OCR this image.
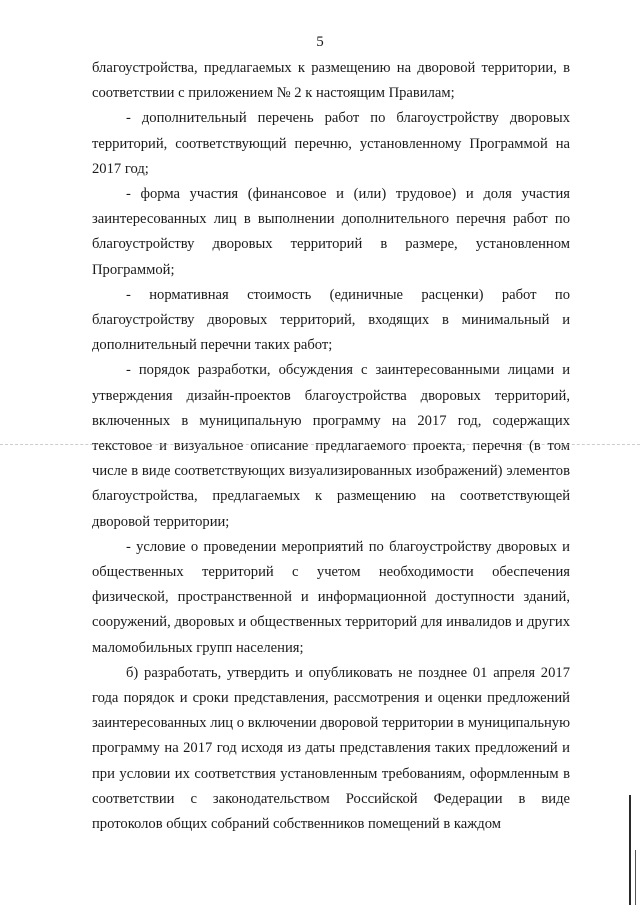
5

благоустройства, предлагаемых к размещению на дворовой территории, в соответствии с приложением № 2 к настоящим Правилам;

- дополнительный перечень работ по благоустройству дворовых территорий, соответствующий перечню, установленному Программой на 2017 год;

- форма участия (финансовое и (или) трудовое) и доля участия заинтересованных лиц в выполнении дополнительного перечня работ по благоустройству дворовых территорий в размере, установленном Программой;

- нормативная стоимость (единичные расценки) работ по благоустройству дворовых территорий, входящих в минимальный и дополнительный перечни таких работ;

- порядок разработки, обсуждения с заинтересованными лицами и утверждения дизайн-проектов благоустройства дворовых территорий, включенных в муниципальную программу на 2017 год, содержащих текстовое и визуальное описание предлагаемого проекта, перечня (в том числе в виде соответствующих визуализированных изображений) элементов благоустройства, предлагаемых к размещению на соответствующей дворовой территории;

- условие о проведении мероприятий по благоустройству дворовых и общественных территорий с учетом необходимости обеспечения физической, пространственной и информационной доступности зданий, сооружений, дворовых и общественных территорий для инвалидов и других маломобильных групп населения;

б) разработать, утвердить и опубликовать не позднее 01 апреля 2017 года порядок и сроки представления, рассмотрения и оценки предложений заинтересованных лиц о включении дворовой территории в муниципальную программу на 2017 год исходя из даты представления таких предложений и при условии их соответствия установленным требованиям, оформленным в соответствии с законодательством Российской Федерации в виде протоколов общих собраний собственников помещений в каждом
